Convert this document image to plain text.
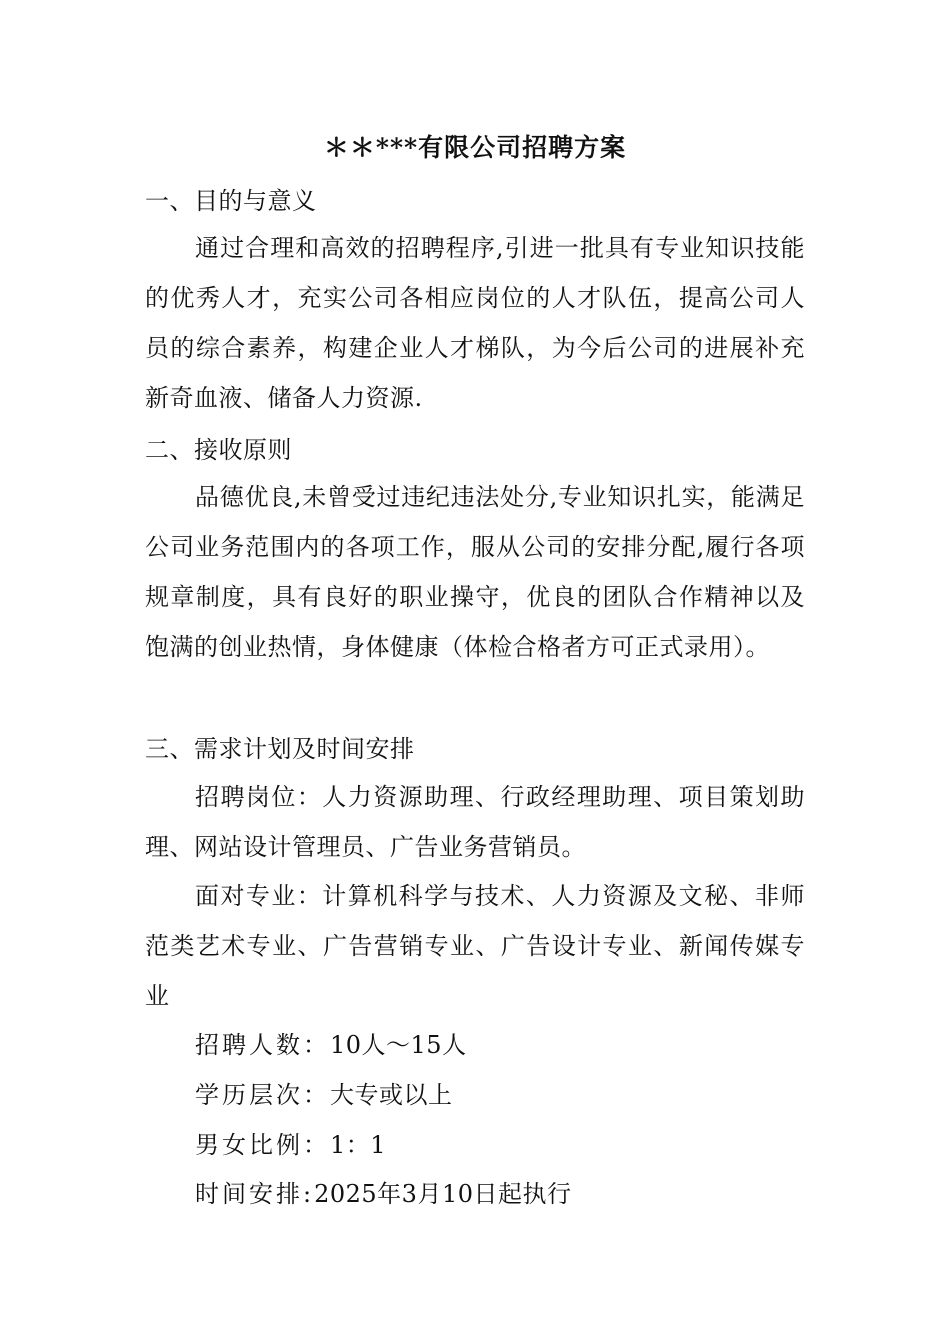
＊＊***有限公司招聘方案
一、目的与意义

通过合理和高效的招聘程序,引进一批具有专业知识技能的优秀人才，充实公司各相应岗位的人才队伍，提高公司人员的综合素养，构建企业人才梯队，为今后公司的进展补充新奇血液、储备人力资源.

二、接收原则

品德优良,未曾受过违纪违法处分,专业知识扎实，能满足公司业务范围内的各项工作，服从公司的安排分配,履行各项规章制度，具有良好的职业操守，优良的团队合作精神以及饱满的创业热情，身体健康（体检合格者方可正式录用）。

三、需求计划及时间安排

招聘岗位：人力资源助理、行政经理助理、项目策划助理、网站设计管理员、广告业务营销员。

面对专业：计算机科学与技术、人力资源及文秘、非师范类艺术专业、广告营销专业、广告设计专业、新闻传媒专业

招聘人数：10人～15人
学历层次：大专或以上
男女比例：1：1
时间安排:2025年3月10日起执行
